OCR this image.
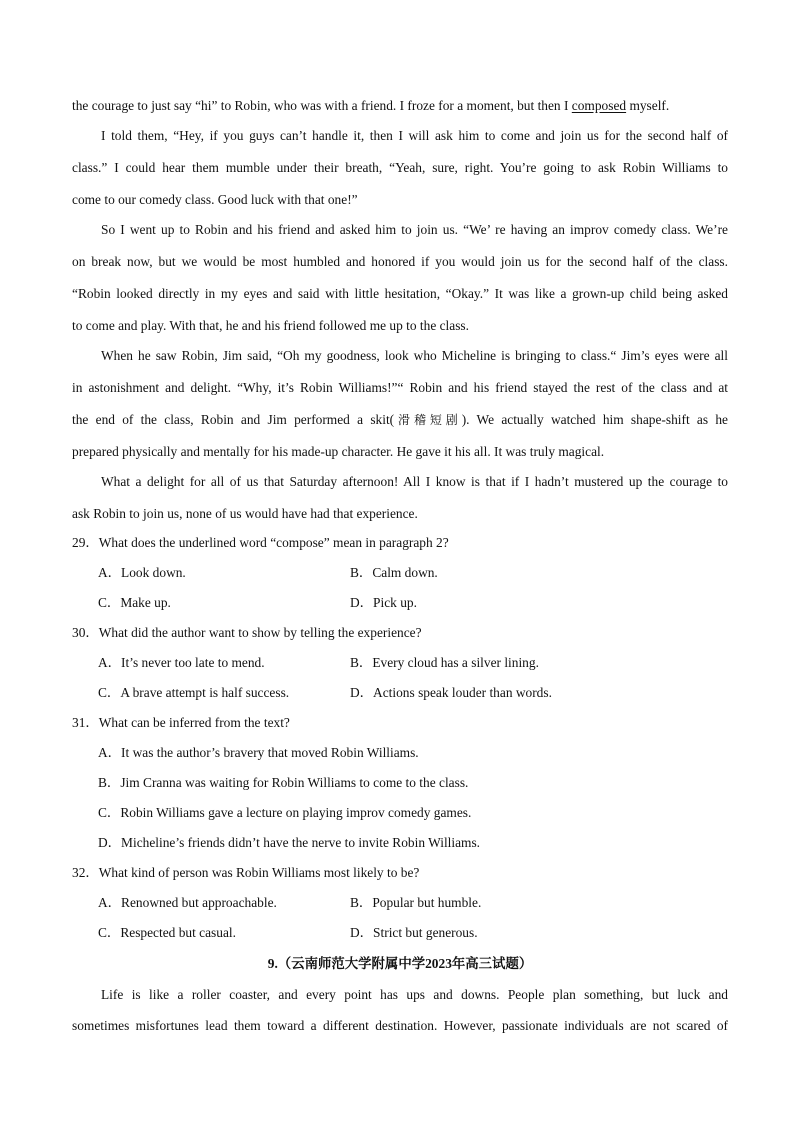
the courage to just say “hi” to Robin, who was with a friend. I froze for a moment, but then I composed myself.
I told them, “Hey, if you guys can’t handle it, then I will ask him to come and join us for the second half of
class.” I could hear them mumble under their breath, “Yeah, sure, right. You’re going to ask Robin Williams to
come to our comedy class. Good luck with that one!”
So I went up to Robin and his friend and asked him to join us. “We’ re having an improv comedy class. We’re
on break now, but we would be most humbled and honored if you would join us for the second half of the class.
“Robin looked directly in my eyes and said with little hesitation, “Okay.” It was like a grown-up child being asked
to come and play. With that, he and his friend followed me up to the class.
When he saw Robin, Jim said, “Oh my goodness, look who Micheline is bringing to class.“ Jim’s eyes were all
in astonishment and delight. “Why, it’s Robin Williams!”“ Robin and his friend stayed the rest of the class and at
the end of the class, Robin and Jim performed a skit(滑稽短剧). We actually watched him shape-shift as he
prepared physically and mentally for his made-up character. He gave it his all. It was truly magical.
What a delight for all of us that Saturday afternoon! All I know is that if I hadn’t mustered up the courage to
ask Robin to join us, none of us would have had that experience.
29．What does the underlined word “compose” mean in paragraph 2?
A．Look down.	B．Calm down.
C．Make up.	D．Pick up.
30．What did the author want to show by telling the experience?
A．It’s never too late to mend.	B．Every cloud has a silver lining.
C．A brave attempt is half success.	D．Actions speak louder than words.
31．What can be inferred from the text?
A．It was the author’s bravery that moved Robin Williams.
B．Jim Cranna was waiting for Robin Williams to come to the class.
C．Robin Williams gave a lecture on playing improv comedy games.
D．Micheline’s friends didn’t have the nerve to invite Robin Williams.
32．What kind of person was Robin Williams most likely to be?
A．Renowned but approachable.	B．Popular but humble.
C．Respected but casual.	D．Strict but generous.
9.（云南师范大学附属中学2023年高三试题）
Life is like a roller coaster, and every point has ups and downs. People plan something, but luck and
sometimes misfortunes lead them toward a different destination. However, passionate individuals are not scared of
